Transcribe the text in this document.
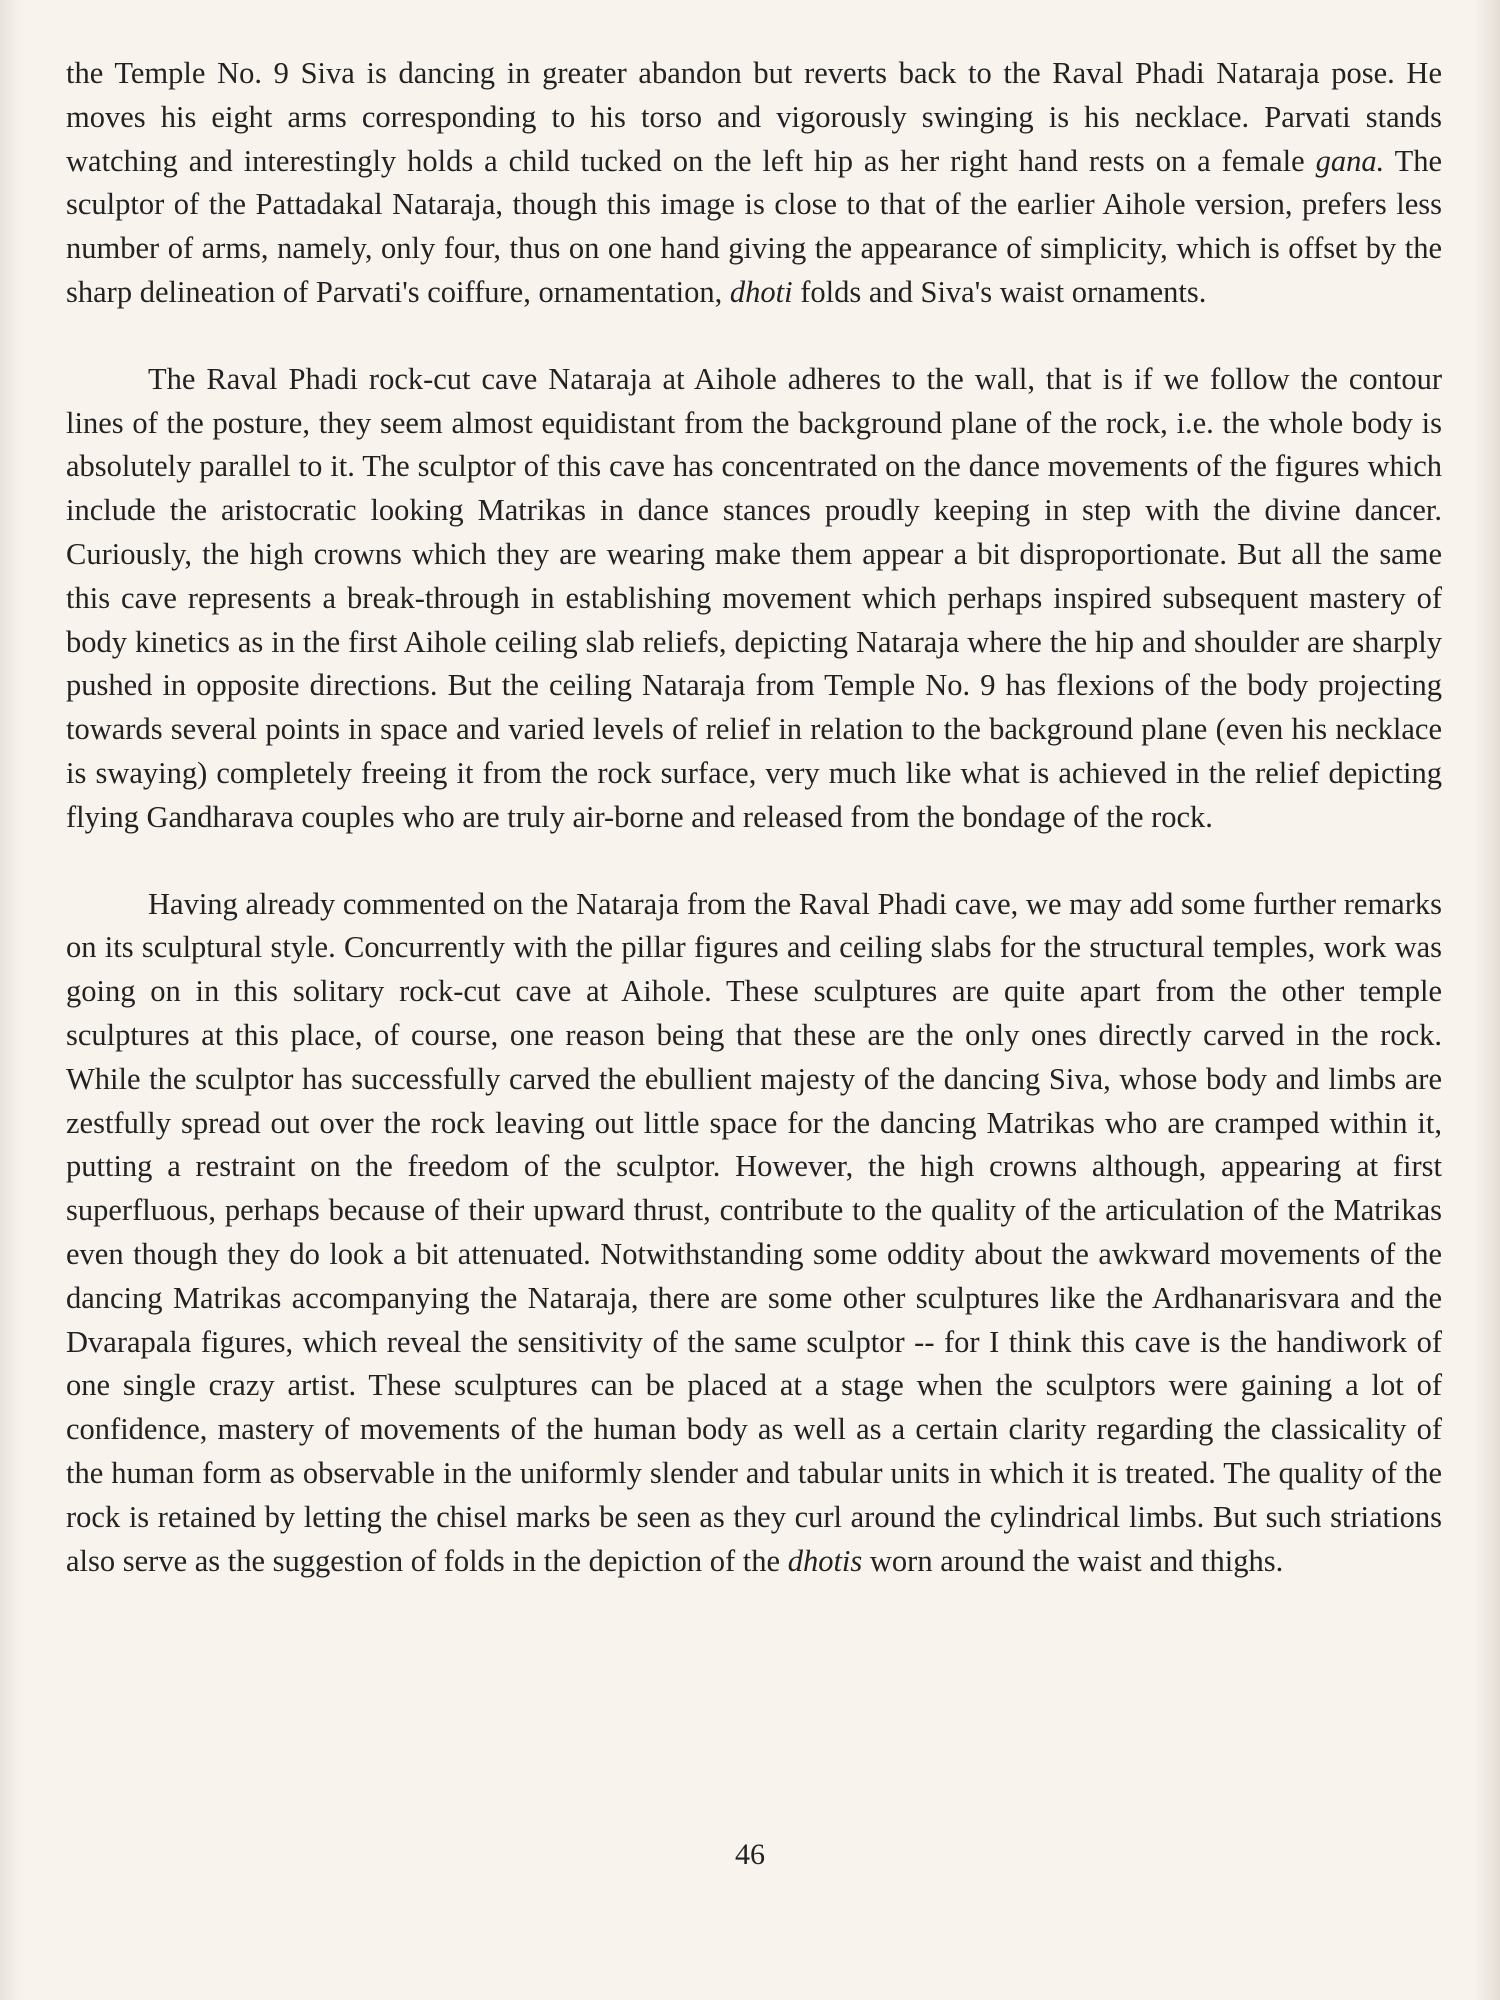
the Temple No. 9 Siva is dancing in greater abandon but reverts back to the Raval Phadi Nataraja pose. He moves his eight arms corresponding to his torso and vigorously swinging is his necklace. Parvati stands watching and interestingly holds a child tucked on the left hip as her right hand rests on a female gana. The sculptor of the Pattadakal Nataraja, though this image is close to that of the earlier Aihole version, prefers less number of arms, namely, only four, thus on one hand giving the appearance of simplicity, which is offset by the sharp delineation of Parvati's coiffure, ornamentation, dhoti folds and Siva's waist ornaments.

The Raval Phadi rock-cut cave Nataraja at Aihole adheres to the wall, that is if we follow the contour lines of the posture, they seem almost equidistant from the background plane of the rock, i.e. the whole body is absolutely parallel to it. The sculptor of this cave has concentrated on the dance movements of the figures which include the aristocratic looking Matrikas in dance stances proudly keeping in step with the divine dancer. Curiously, the high crowns which they are wearing make them appear a bit disproportionate. But all the same this cave represents a break-through in establishing movement which perhaps inspired subsequent mastery of body kinetics as in the first Aihole ceiling slab reliefs, depicting Nataraja where the hip and shoulder are sharply pushed in opposite directions. But the ceiling Nataraja from Temple No. 9 has flexions of the body projecting towards several points in space and varied levels of relief in relation to the background plane (even his necklace is swaying) completely freeing it from the rock surface, very much like what is achieved in the relief depicting flying Gandharava couples who are truly air-borne and released from the bondage of the rock.

Having already commented on the Nataraja from the Raval Phadi cave, we may add some further remarks on its sculptural style. Concurrently with the pillar figures and ceiling slabs for the structural temples, work was going on in this solitary rock-cut cave at Aihole. These sculptures are quite apart from the other temple sculptures at this place, of course, one reason being that these are the only ones directly carved in the rock. While the sculptor has successfully carved the ebullient majesty of the dancing Siva, whose body and limbs are zestfully spread out over the rock leaving out little space for the dancing Matrikas who are cramped within it, putting a restraint on the freedom of the sculptor. However, the high crowns although, appearing at first superfluous, perhaps because of their upward thrust, contribute to the quality of the articulation of the Matrikas even though they do look a bit attenuated. Notwithstanding some oddity about the awkward movements of the dancing Matrikas accompanying the Nataraja, there are some other sculptures like the Ardhanarisvara and the Dvarapala figures, which reveal the sensitivity of the same sculptor -- for I think this cave is the handiwork of one single crazy artist. These sculptures can be placed at a stage when the sculptors were gaining a lot of confidence, mastery of movements of the human body as well as a certain clarity regarding the classicality of the human form as observable in the uniformly slender and tabular units in which it is treated. The quality of the rock is retained by letting the chisel marks be seen as they curl around the cylindrical limbs. But such striations also serve as the suggestion of folds in the depiction of the dhotis worn around the waist and thighs.

46
